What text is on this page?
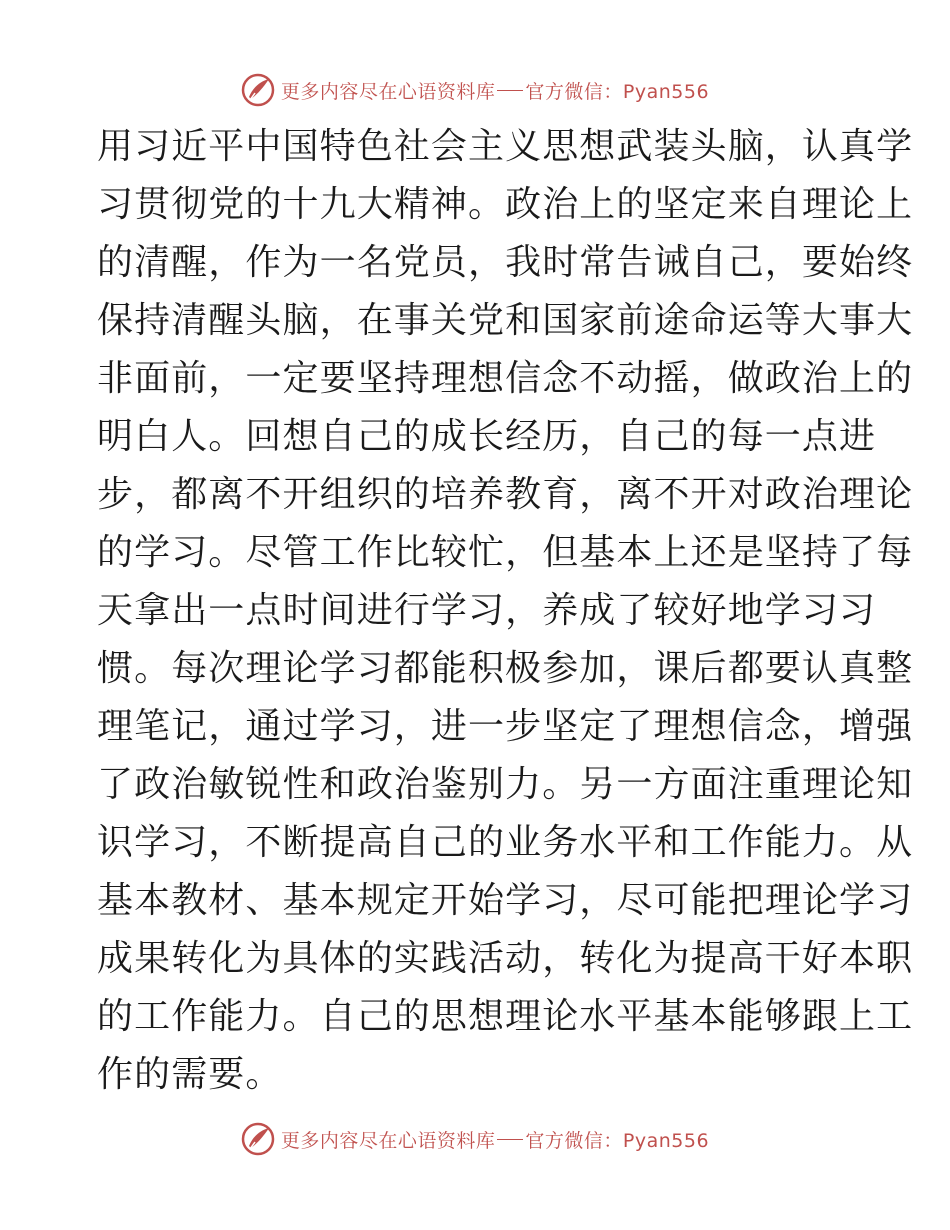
更多内容尽在心语资料库 官方微信：Pyan556
用习近平中国特色社会主义思想武装头脑，认真学
习贯彻党的十九大精神。政治上的坚定来自理论上
的清醒，作为一名党员，我时常告诫自己，要始终
保持清醒头脑，在事关党和国家前途命运等大事大
非面前，一定要坚持理想信念不动摇，做政治上的
明白人。回想自己的成长经历，自己的每一点进
步，都离不开组织的培养教育，离不开对政治理论
的学习。尽管工作比较忙，但基本上还是坚持了每
天拿出一点时间进行学习，养成了较好地学习习
惯。每次理论学习都能积极参加，课后都要认真整
理笔记，通过学习，进一步坚定了理想信念，增强
了政治敏锐性和政治鉴别力。另一方面注重理论知
识学习，不断提高自己的业务水平和工作能力。从
基本教材、基本规定开始学习，尽可能把理论学习
成果转化为具体的实践活动，转化为提高干好本职
的工作能力。自己的思想理论水平基本能够跟上工
作的需要。
更多内容尽在心语资料库 官方微信：Pyan556
